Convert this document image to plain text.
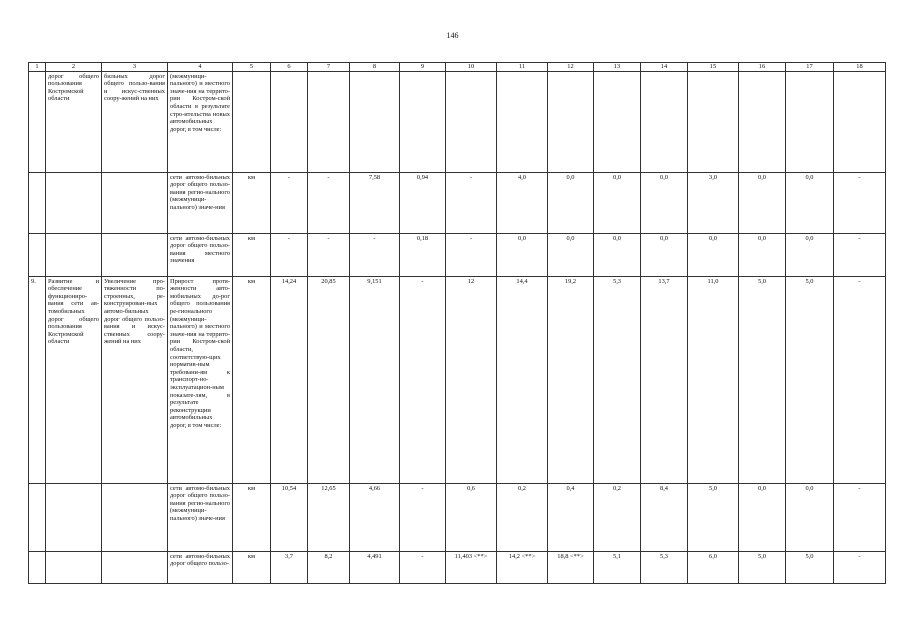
146
1	2	3	4	5	6	7	8	9	10	11	12	13	14	15	16	17	18
	дорог общего пользования Костромской области	бильных дорог общего пользо-вания и искус-ственных соору-жений на них	(межмуници-пального) и местного значе-ния на террито-рии Костром-ской области в результате стро-ительства новых автомобильных дорог, в том числе:														
			сети автомо-бильных дорог общего пользо-вания регио-нального (межмуници-пального) значе-ния	км	-	-	7,58	0,94	-	4,0	0,0	0,0	0,0	3,0	0,0	0,0	-
			сети автомо-бильных дорог общего пользо-вания местного значения	км	-	-	-	0,18	-	0,0	0,0	0,0	0,0	0,0	0,0	0,0	-
9.	Развитие и обеспечение функциониро-вания сети ав-томобильных дорог общего пользования Костромской области	Увеличение про-тяженности по-строенных, ре-конструирован-ных автомо-бильных дорог общего пользо-вания и искус-ственных соору-жений на них	Прирост протя-женности авто-мобильных до-рог общего пользования ре-гионального (межмуници-пального) и местного значе-ния на террито-рии Костром-ской области, соответствую-щих норматив-ным требовани-ям к транспорт-но-эксплуатацион-ным показате-лям, в результате реконструкции автомобильных дорог, в том числе:	км	14,24	20,85	9,151	-	12	14,4	19,2	5,3	13,7	11,0	5,0	5,0	-
			сети автомо-бильных дорог общего пользо-вания регио-нального (межмуници-пального) значе-ния	км	10,54	12,65	4,66	-	0,6	0,2	0,4	0,2	8,4	5,0	0,0	0,0	-
			сети автомо-бильных дорог общего пользо-	км	3,7	8,2	4,491	-	11,403 <**>	14,2 <**>	18,8 <**>	5,1	5,3	6,0	5,0	5,0	-
